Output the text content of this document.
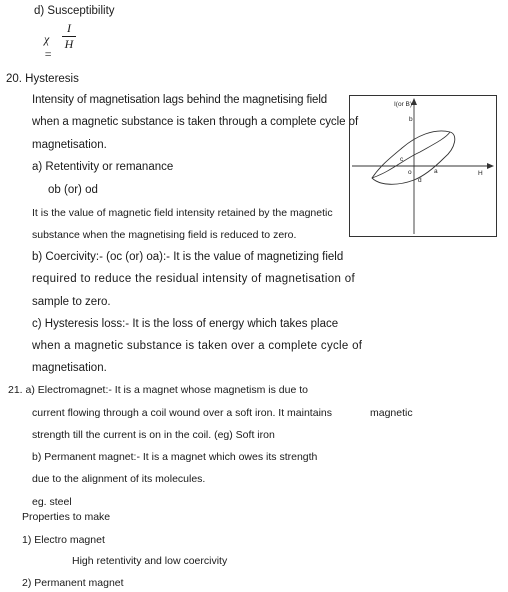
d) Susceptibility
χ =
I
H
20. Hysteresis
Intensity of magnetisation lags behind the magnetising field
when a magnetic substance is taken through a complete cycle of
magnetisation.
a) Retentivity or remanance
ob (or) od
It is the value of magnetic field intensity retained by the magnetic
substance when the magnetising field is reduced to zero.
b) Coercivity:- (oc (or) oa):- It is the value of magnetizing field
required to reduce the residual intensity of magnetisation of
sample to zero.
c) Hysteresis loss:- It is the loss of energy which takes place
when a magnetic substance is taken over a complete cycle of
magnetisation.
I(or B)
H
b
c
o	a
d
21. a) Electromagnet:- It is a magnet whose magnetism is due to
current flowing through a coil wound over a soft iron. It maintains	magnetic
strength till the current is on in the coil. (eg) Soft iron
b) Permanent magnet:- It is a magnet which owes its strength
due to the alignment of its molecules.
eg. steel
Properties to make
1) Electro magnet
High retentivity and low coercivity
2) Permanent magnet
